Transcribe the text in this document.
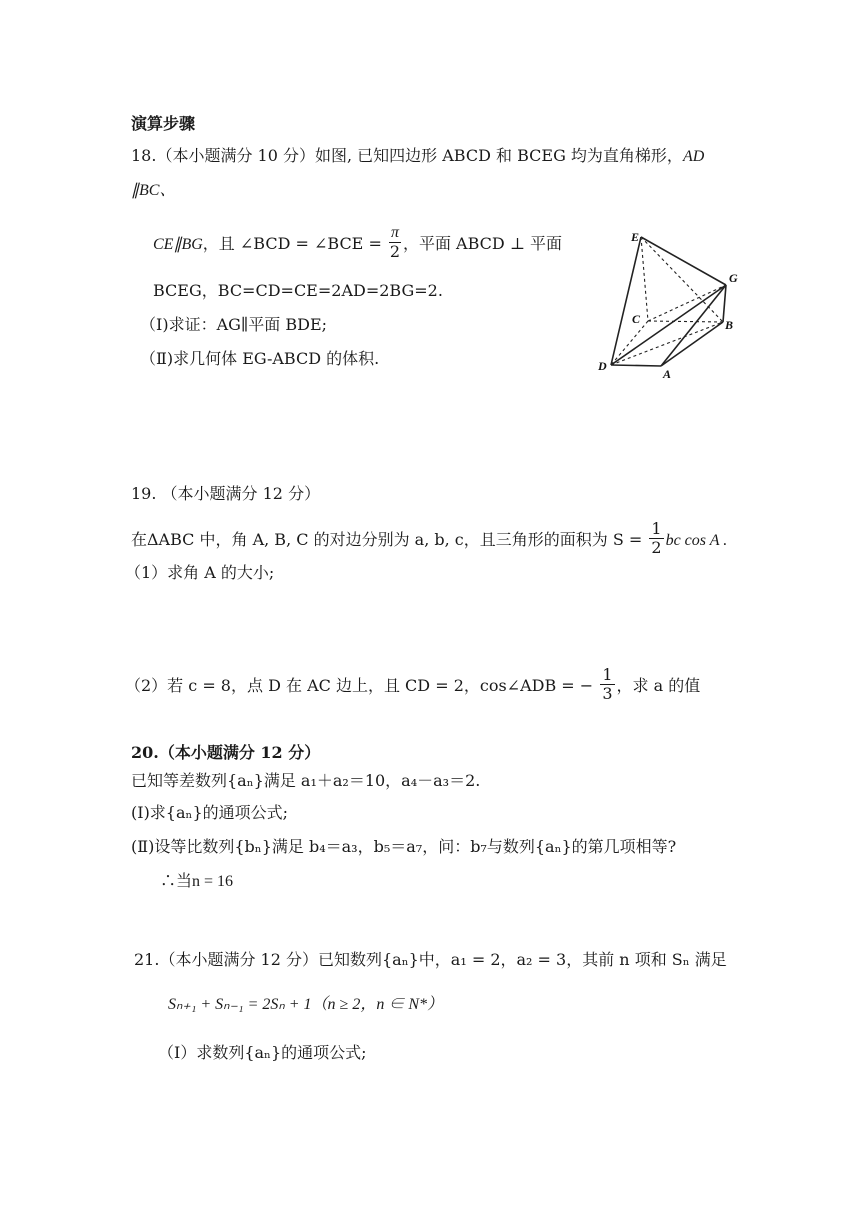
演算步骤
18.（本小题满分 10 分）如图, 已知四边形 ABCD 和 BCEG 均为直角梯形，AD
∥BC、
CE∥BG，且 ∠BCD = ∠BCE = $\frac{\pi}{2}$ ，平面 ABCD ⊥ 平面
BCEG，BC=CD=CE=2AD=2BG=2.
（Ⅰ)求证：AG∥平面 BDE;
（Ⅱ)求几何体 EG-ABCD 的体积.
E
G
C	B
D
A
19. （本小题满分 12 分）
在ΔABC 中，角 A, B, C 的对边分别为 a, b, c，且三角形的面积为 $S = \frac{1}{2}$ bc cos A .
（1）求角 A 的大小;
（2）若 c = 8，点 D 在 AC 边上，且 CD = 2，cos∠ADB = − $\frac{1}{3}$ ，求 a 的值
20.（本小题满分 12 分）
已知等差数列{aₙ}满足 a₁＋a₂＝10，a₄－a₃＝2.
(Ⅰ)求{aₙ}的通项公式;
(Ⅱ)设等比数列{bₙ}满足 b₄＝a₃，b₅＝a₇，问：b₇与数列{aₙ}的第几项相等?
∴当n = 16
21.（本小题满分 12 分）已知数列{aₙ}中，a₁ = 2，a₂ = 3，其前 n 项和 Sₙ 满足
Sₙ₊₁ + Sₙ₋₁ = 2Sₙ + 1（n ≥ 2，n ∈ N*）
（Ⅰ）求数列{aₙ}的通项公式;
